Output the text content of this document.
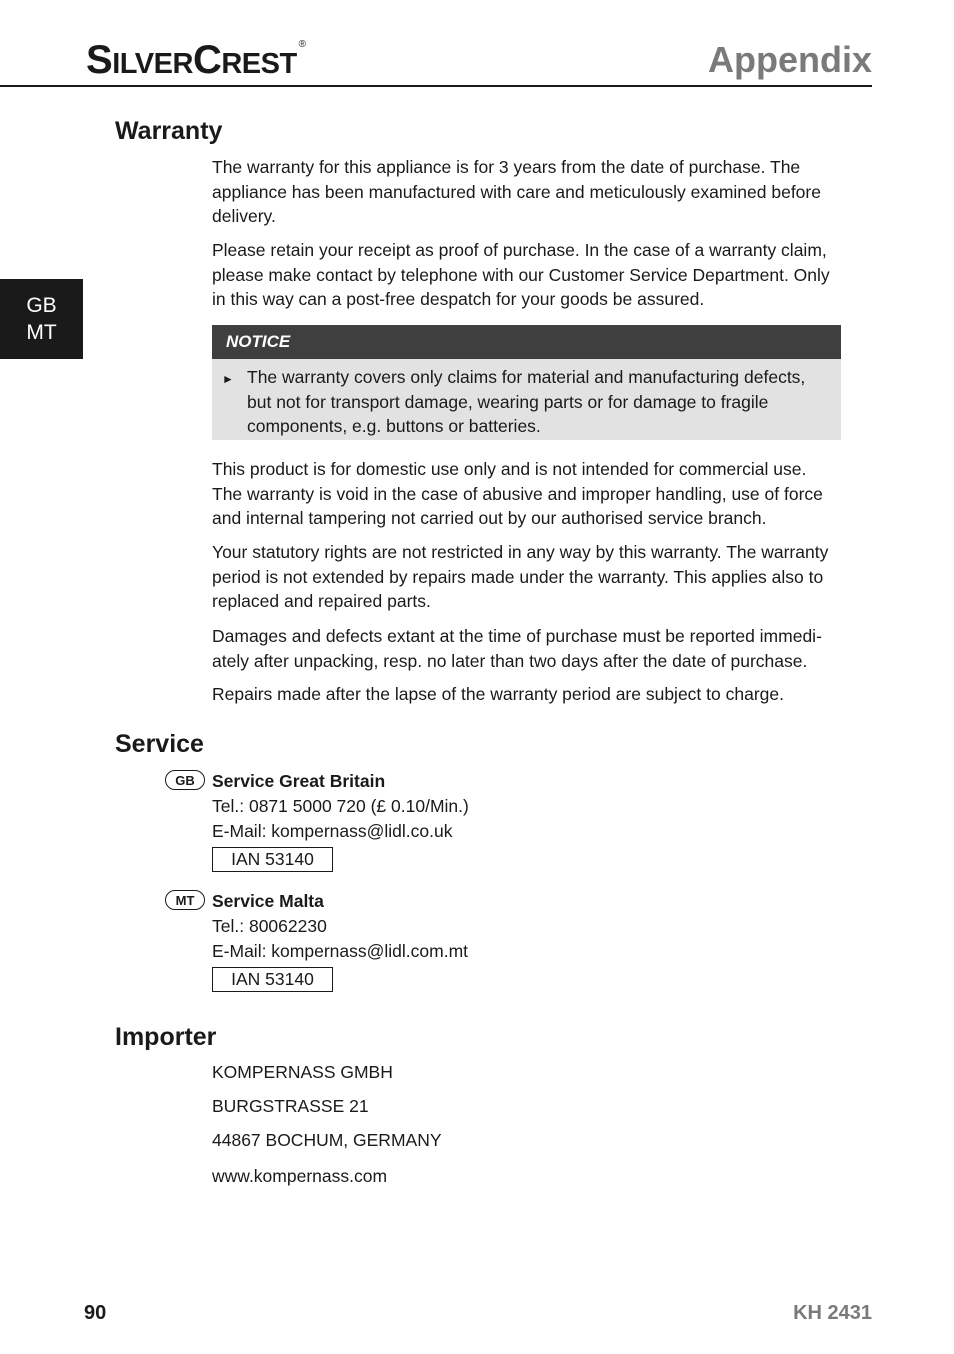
SILVERCREST®	Appendix
GB
MT
Warranty
The warranty for this appliance is for 3 years from the date of purchase. The appliance has been manufactured with care and meticulously examined before delivery.
Please retain your receipt as proof of purchase. In the case of a warranty claim, please make contact by telephone with our Customer Service Department. Only in this way can a post-free despatch for your goods be assured.
NOTICE
► The warranty covers only claims for material and manufacturing defects, but not for transport damage, wearing parts or for damage to fragile components, e.g. buttons or batteries.
This product is for domestic use only and is not intended for commercial use. The warranty is void in the case of abusive and improper handling, use of force and internal tampering not carried out by our authorised service branch.
Your statutory rights are not restricted in any way by this warranty. The warranty period is not extended by repairs made under the warranty. This applies also to replaced and repaired parts.
Damages and defects extant at the time of purchase must be reported immedi-ately after unpacking, resp. no later than two days after the date of purchase.
Repairs made after the lapse of the warranty period are subject to charge.
Service
GB Service Great Britain
Tel.: 0871 5000 720 (£ 0.10/Min.)
E-Mail: kompernass@lidl.co.uk
IAN 53140
MT	Service Malta
Tel.: 80062230
E-Mail: kompernass@lidl.com.mt
IAN 53140
Importer
KOMPERNASS GMBH
BURGSTRASSE 21
44867 BOCHUM, GERMANY
www.kompernass.com
90	KH 2431
